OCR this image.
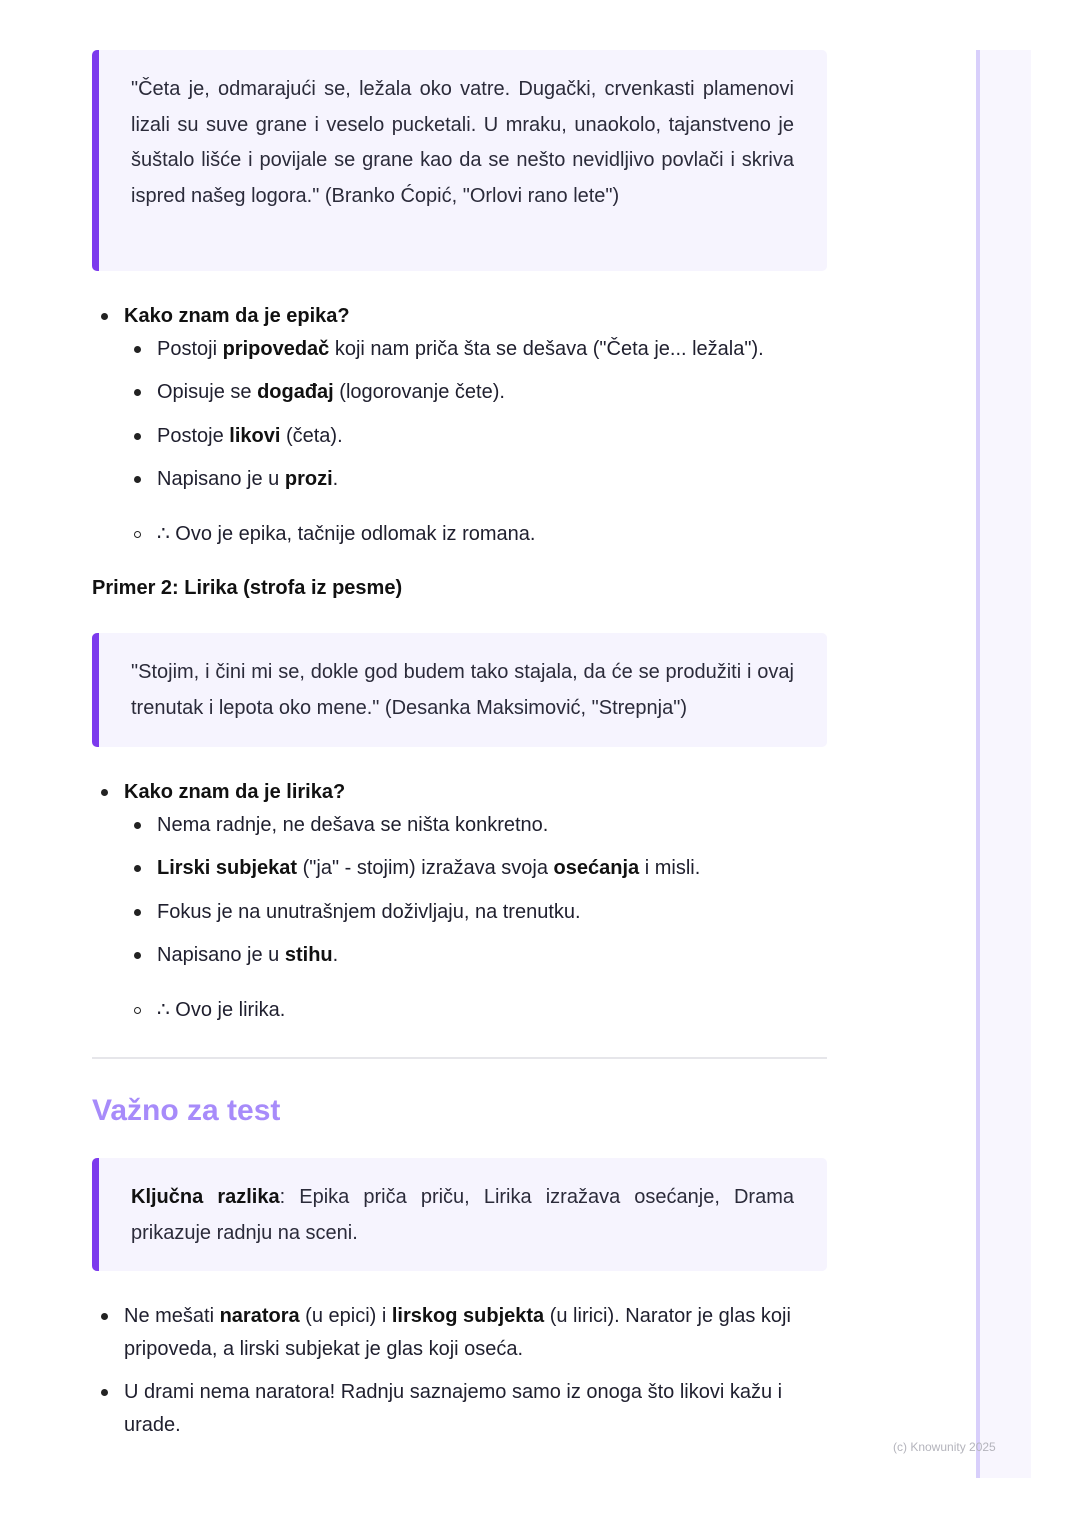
"Četa je, odmarajući se, ležala oko vatre. Dugački, crvenkasti plamenovi lizali su suve grane i veselo pucketali. U mraku, unaokolo, tajanstveno je šuštalo lišće i povijale se grane kao da se nešto nevidljivo povlači i skriva ispred našeg logora." (Branko Ćopić, "Orlovi rano lete")
Kako znam da je epika?
Postoji pripovedač koji nam priča šta se dešava ("Četa je... ležala").
Opisuje se događaj (logorovanje čete).
Postoje likovi (četa).
Napisano je u prozi.
∴ Ovo je epika, tačnije odlomak iz romana.
Primer 2: Lirika (strofa iz pesme)
"Stojim, i čini mi se, dokle god budem tako stajala, da će se produžiti i ovaj trenutak i lepota oko mene." (Desanka Maksimović, "Strepnja")
Kako znam da je lirika?
Nema radnje, ne dešava se ništa konkretno.
Lirski subjekat ("ja" - stojim) izražava svoja osećanja i misli.
Fokus je na unutrašnjem doživljaju, na trenutku.
Napisano je u stihu.
∴ Ovo je lirika.
Važno za test
Ključna razlika: Epika priča priču, Lirika izražava osećanje, Drama prikazuje radnju na sceni.
Ne mešati naratora (u epici) i lirskog subjekta (u lirici). Narator je glas koji pripoveda, a lirski subjekat je glas koji oseća.
U drami nema naratora! Radnju saznajemo samo iz onoga što likovi kažu i urade.
(c) Knowunity 2025
